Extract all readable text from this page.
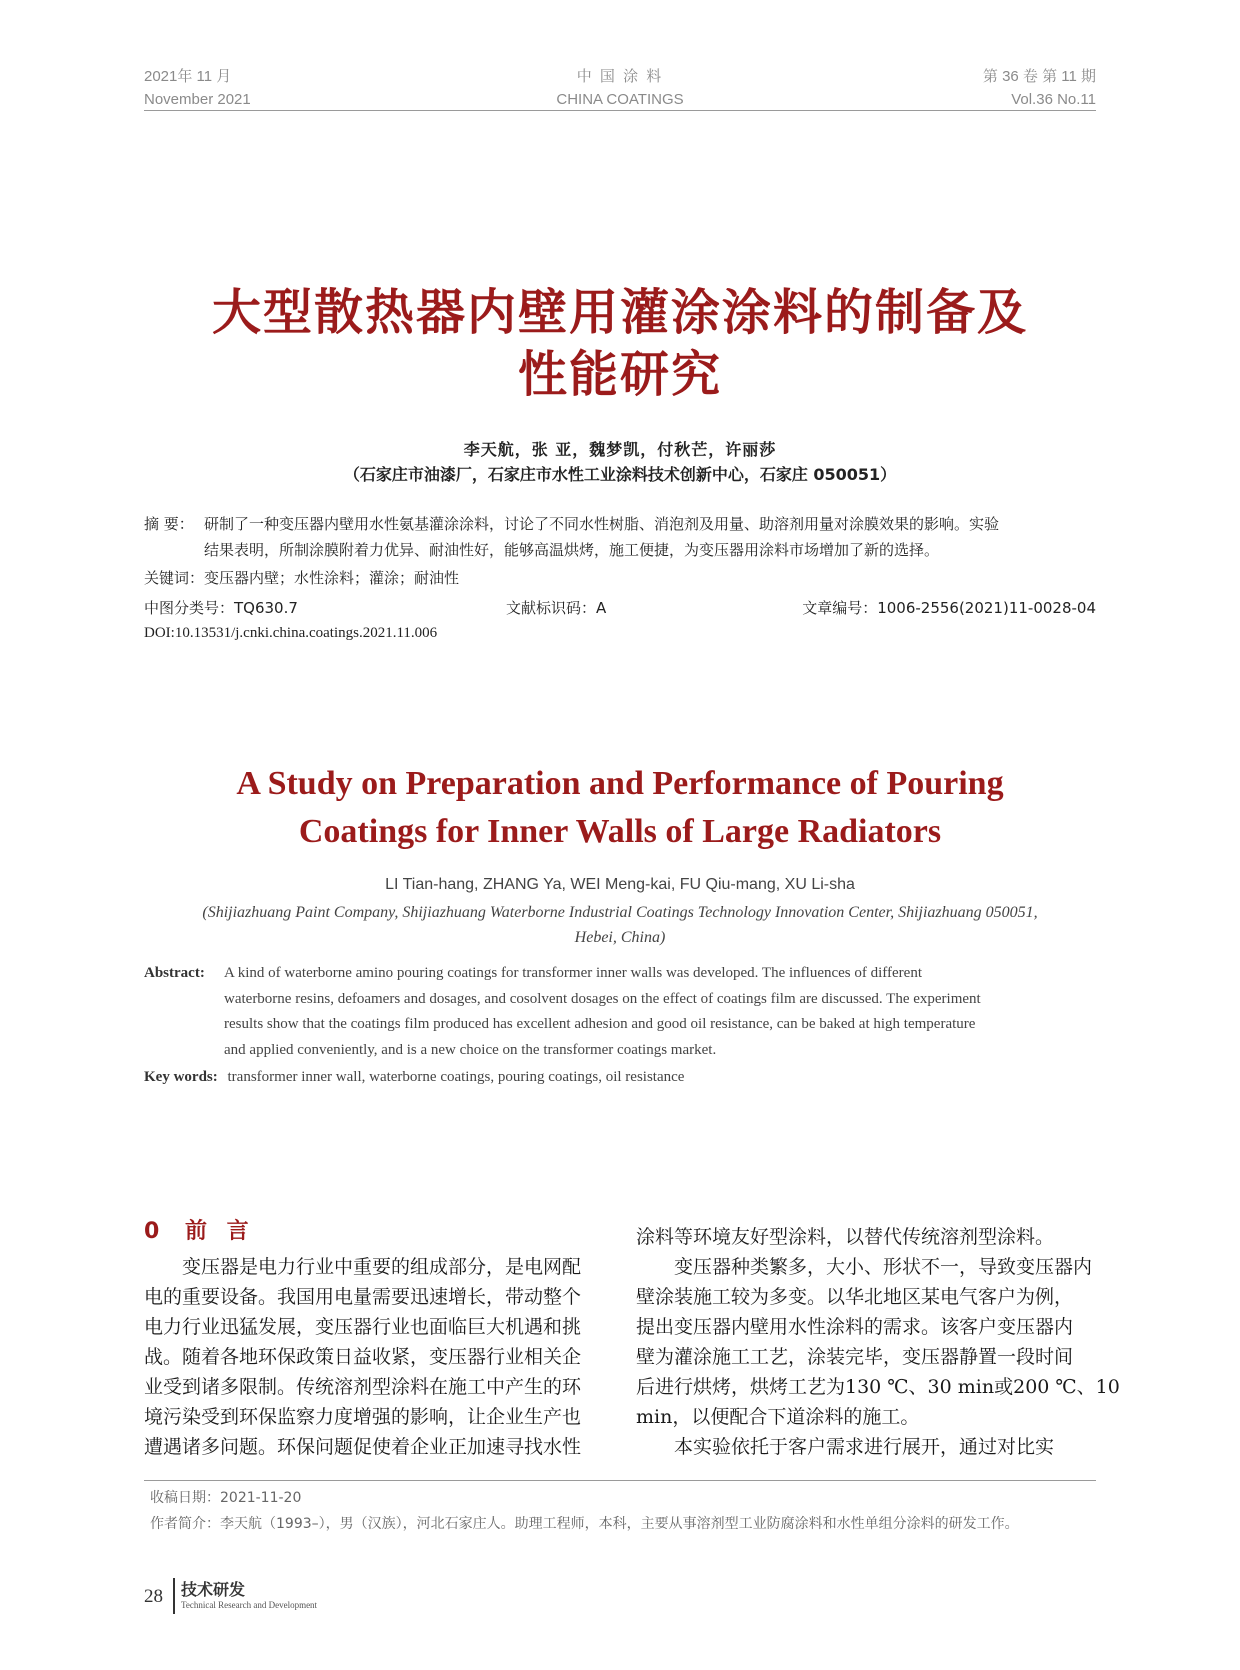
2021年 11 月
November 2021
中 国 涂 料
CHINA COATINGS
第 36 卷 第 11 期
Vol.36 No.11
大型散热器内壁用灌涂涂料的制备及
性能研究
李天航，张 亚，魏梦凯，付秋芒，许丽莎
（石家庄市油漆厂，石家庄市水性工业涂料技术创新中心，石家庄 050051）
摘 要： 研制了一种变压器内壁用水性氨基灌涂涂料，讨论了不同水性树脂、消泡剂及用量、助溶剂用量对涂膜效果的影响。实验
结果表明，所制涂膜附着力优异、耐油性好，能够高温烘烤，施工便捷，为变压器用涂料市场增加了新的选择。
关键词：变压器内壁；水性涂料；灌涂；耐油性
中图分类号：TQ630.7	文献标识码：A	文章编号：1006-2556(2021)11-0028-04
DOI:10.13531/j.cnki.china.coatings.2021.11.006
A Study on Preparation and Performance of Pouring
Coatings for Inner Walls of Large Radiators
LI Tian-hang, ZHANG Ya, WEI Meng-kai, FU Qiu-mang, XU Li-sha
(Shijiazhuang Paint Company, Shijiazhuang Waterborne Industrial Coatings Technology Innovation Center, Shijiazhuang 050051,
Hebei, China)
Abstract: A kind of waterborne amino pouring coatings for transformer inner walls was developed. The influences of different
waterborne resins, defoamers and dosages, and cosolvent dosages on the effect of coatings film are discussed. The experiment
results show that the coatings film produced has excellent adhesion and good oil resistance, can be baked at high temperature
and applied conveniently, and is a new choice on the transformer coatings market.
Key words: transformer inner wall, waterborne coatings, pouring coatings, oil resistance
0 前 言
变压器是电力行业中重要的组成部分，是电网配
电的重要设备。我国用电量需要迅速增长，带动整个
电力行业迅猛发展，变压器行业也面临巨大机遇和挑
战。随着各地环保政策日益收紧，变压器行业相关企
业受到诸多限制。传统溶剂型涂料在施工中产生的环
境污染受到环保监察力度增强的影响，让企业生产也
遭遇诸多问题。环保问题促使着企业正加速寻找水性
涂料等环境友好型涂料，以替代传统溶剂型涂料。
变压器种类繁多，大小、形状不一，导致变压器内
壁涂装施工较为多变。以华北地区某电气客户为例，
提出变压器内壁用水性涂料的需求。该客户变压器内
壁为灌涂施工工艺，涂装完毕，变压器静置一段时间
后进行烘烤，烘烤工艺为130 ℃、30 min或200 ℃、10
min，以便配合下道涂料的施工。
本实验依托于客户需求进行展开，通过对比实
收稿日期：2021-11-20
作者简介：李天航（1993–），男（汉族），河北石家庄人。助理工程师，本科，主要从事溶剂型工业防腐涂料和水性单组分涂料的研发工作。
28 技术研发
Technical Research and Development
